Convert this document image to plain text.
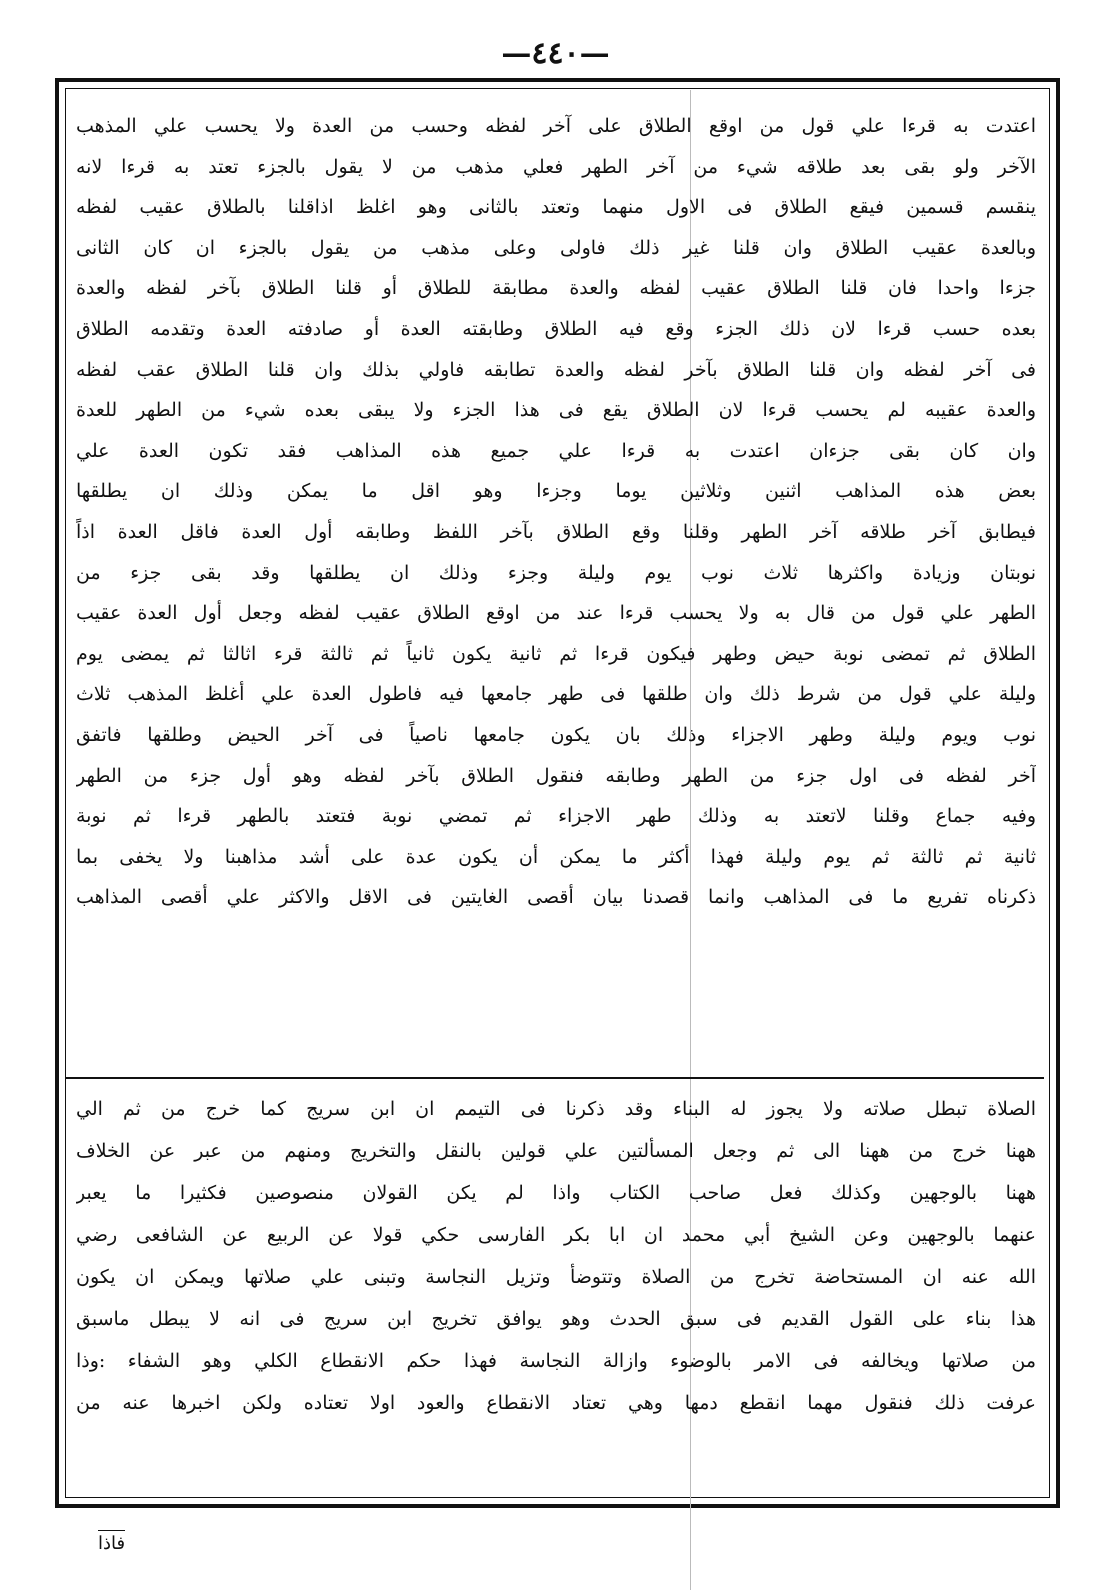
—٤٤٠—
اعتدت به قرءا علي قول من اوقع الطلاق على آخر لفظه وحسب من العدة ولا يحسب علي المذهب
الآخر ولو بقى بعد طلاقه شيء من آخر الطهر فعلي مذهب من لا يقول بالجزء تعتد به قرءا لانه
ينقسم قسمين فيقع الطلاق فى الاول منهما وتعتد بالثانى وهو اغلظ اذاقلنا بالطلاق عقيب لفظه
وبالعدة عقيب الطلاق وان قلنا غير ذلك فاولى وعلى مذهب من يقول بالجزء ان كان الثانى
جزءا واحدا فان قلنا الطلاق عقيب لفظه والعدة مطابقة للطلاق أو قلنا الطلاق بآخر لفظه والعدة
بعده حسب قرءا لان ذلك الجزء وقع فيه الطلاق وطابقته العدة أو صادفته العدة وتقدمه الطلاق
فى آخر لفظه وان قلنا الطلاق بآخر لفظه والعدة تطابقه فاولي بذلك وان قلنا الطلاق عقب لفظه
والعدة عقيبه لم يحسب قرءا لان الطلاق يقع فى هذا الجزء ولا يبقى بعده شيء من الطهر للعدة
وان كان بقى جزءان اعتدت به قرءا علي جميع هذه المذاهب فقد تكون العدة علي
بعض هذه المذاهب اثنين وثلاثين يوما وجزءا وهو اقل ما يمكن وذلك ان يطلقها
فيطابق آخر طلاقه آخر الطهر وقلنا وقع الطلاق بآخر اللفظ وطابقه أول العدة فاقل العدة اذاً
نوبتان وزيادة واكثرها ثلاث نوب يوم وليلة وجزء وذلك ان يطلقها وقد بقى جزء من
الطهر علي قول من قال به ولا يحسب قرءا عند من اوقع الطلاق عقيب لفظه وجعل أول العدة عقيب
الطلاق ثم تمضى نوبة حيض وطهر فيكون قرءا ثم ثانية يكون ثانياً ثم ثالثة قرء اثالثا ثم يمضى يوم
وليلة علي قول من شرط ذلك وان طلقها فى طهر جامعها فيه فاطول العدة علي أغلظ المذهب ثلاث
نوب ويوم وليلة وطهر الاجزاء وذلك بان يكون جامعها ناصياً فى آخر الحيض وطلقها فاتفق
آخر لفظه فى اول جزء من الطهر وطابقه فنقول الطلاق بآخر لفظه وهو أول جزء من الطهر
وفيه جماع وقلنا لاتعتد به وذلك طهر الاجزاء ثم تمضي نوبة فتعتد بالطهر قرءا ثم نوبة
ثانية ثم ثالثة ثم يوم وليلة فهذا أكثر ما يمكن أن يكون عدة على أشد مذاهبنا ولا يخفى بما
ذكرناه تفريع ما فى المذاهب وانما قصدنا بيان أقصى الغايتين فى الاقل والاكثر علي أقصى المذاهب
الصلاة تبطل صلاته ولا يجوز له البناء وقد ذكرنا فى التيمم ان ابن سريج كما خرج من ثم الي
ههنا خرج من ههنا الى ثم وجعل المسألتين علي قولين بالنقل والتخريج ومنهم من عبر عن الخلاف
ههنا بالوجهين وكذلك فعل صاحب الكتاب واذا لم يكن القولان منصوصين فكثيرا ما يعبر
عنهما بالوجهين وعن الشيخ أبي محمد ان ابا بكر الفارسى حكي قولا عن الربيع عن الشافعى رضي
الله عنه ان المستحاضة تخرج من الصلاة وتتوضأ وتزيل النجاسة وتبنى علي صلاتها ويمكن ان يكون
هذا بناء على القول القديم فى سبق الحدث وهو يوافق تخريج ابن سريج فى انه لا يبطل ماسبق
من صلاتها ويخالفه فى الامر بالوضوء وازالة النجاسة فهذا حكم الانقطاع الكلي وهو الشفاء :وذا
عرفت ذلك فنقول مهما انقطع دمها وهي تعتاد الانقطاع والعود اولا تعتاده ولكن اخبرها عنه من
فاذا
